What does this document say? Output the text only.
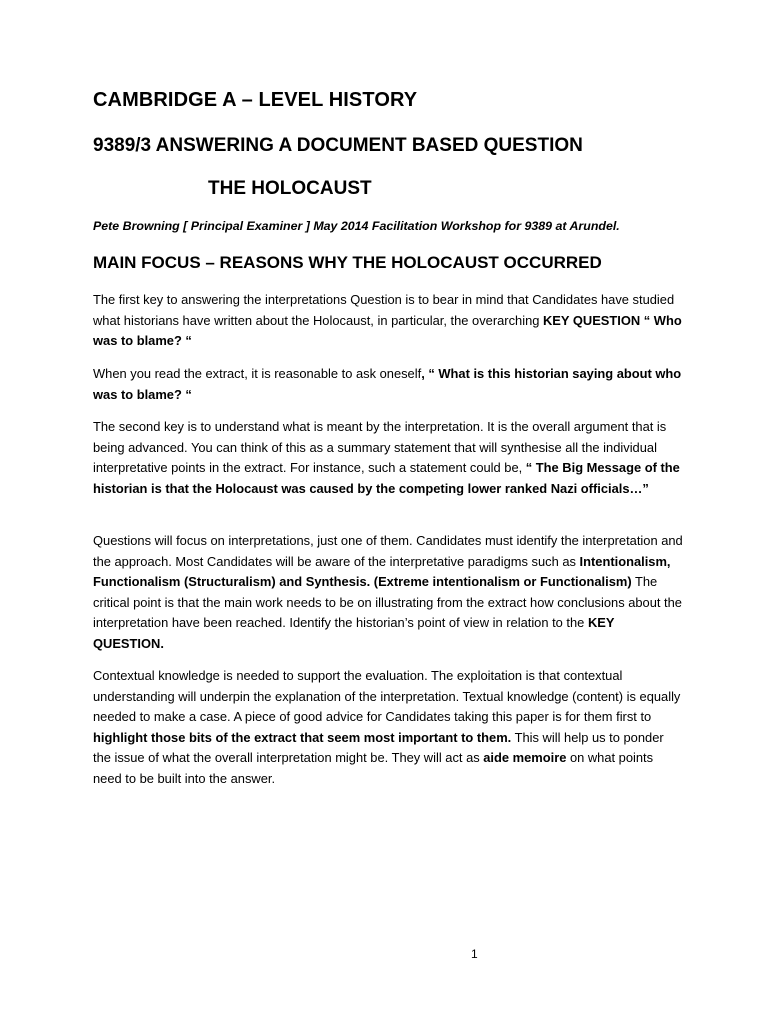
CAMBRIDGE A – LEVEL HISTORY
9389/3 ANSWERING A DOCUMENT BASED QUESTION
THE HOLOCAUST

Pete Browning [ Principal Examiner ] May 2014 Facilitation Workshop for 9389 at Arundel.

MAIN FOCUS – REASONS WHY THE HOLOCAUST OCCURRED

The first key to answering the interpretations Question is to bear in mind that Candidates have studied what historians have written about the Holocaust, in particular, the overarching KEY QUESTION “ Who was to blame? “

When you read the extract, it is reasonable to ask oneself, “ What is this historian saying about who was to blame? “

The second key is to understand what is meant by the interpretation. It is the overall argument that is being advanced. You can think of this as a summary statement that will synthesise all the individual interpretative points in the extract. For instance, such a statement could be, “ The Big Message of the historian is that the Holocaust was caused by the competing lower ranked Nazi officials…”

Questions will focus on interpretations, just one of them. Candidates must identify the interpretation and the approach. Most Candidates will be aware of the interpretative paradigms such as Intentionalism, Functionalism (Structuralism) and Synthesis. (Extreme intentionalism or Functionalism) The critical point is that the main work needs to be on illustrating from the extract how conclusions about the interpretation have been reached. Identify the historian’s point of view in relation to the KEY QUESTION.

Contextual knowledge is needed to support the evaluation. The exploitation is that contextual understanding will underpin the explanation of the interpretation. Textual knowledge (content) is equally needed to make a case. A piece of good advice for Candidates taking this paper is for them first to highlight those bits of the extract that seem most important to them. This will help us to ponder the issue of what the overall interpretation might be. They will act as aide memoire on what points need to be built into the answer.

1
